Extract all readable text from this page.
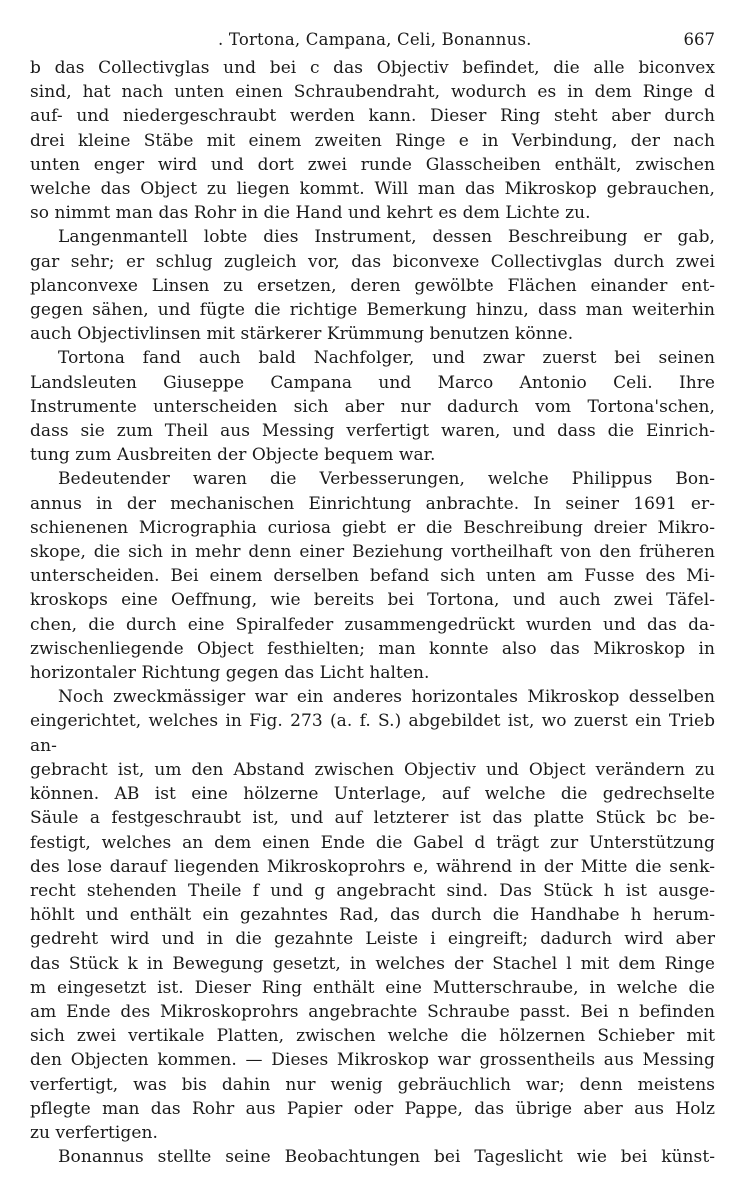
. Tortona, Campana, Celi, Bonannus.	667

b das Collectivglas und bei c das Objectiv befindet, die alle biconvex

sind, hat nach unten einen Schraubendraht, wodurch es in dem Ringe d

auf- und niedergeschraubt werden kann. Dieser Ring steht aber durch

drei kleine Stäbe mit einem zweiten Ringe e in Verbindung, der nach

unten enger wird und dort zwei runde Glasscheiben enthält, zwischen

welche das Object zu liegen kommt. Will man das Mikroskop gebrauchen,

so nimmt man das Rohr in die Hand und kehrt es dem Lichte zu.

Langenmantell lobte dies Instrument, dessen Beschreibung er gab,

gar sehr; er schlug zugleich vor, das biconvexe Collectivglas durch zwei

planconvexe Linsen zu ersetzen, deren gewölbte Flächen einander ent-

gegen sähen, und fügte die richtige Bemerkung hinzu, dass man weiterhin

auch Objectivlinsen mit stärkerer Krümmung benutzen könne.

Tortona fand auch bald Nachfolger, und zwar zuerst bei seinen

Landsleuten Giuseppe Campana und Marco Antonio Celi. Ihre

Instrumente unterscheiden sich aber nur dadurch vom Tortona'schen,

dass sie zum Theil aus Messing verfertigt waren, und dass die Einrich-

tung zum Ausbreiten der Objecte bequem war.

Bedeutender waren die Verbesserungen, welche Philippus Bon-

annus in der mechanischen Einrichtung anbrachte. In seiner 1691 er-

schienenen Micrographia curiosa giebt er die Beschreibung dreier Mikro-

skope, die sich in mehr denn einer Beziehung vortheilhaft von den früheren

unterscheiden. Bei einem derselben befand sich unten am Fusse des Mi-

kroskops eine Oeffnung, wie bereits bei Tortona, und auch zwei Täfel-

chen, die durch eine Spiralfeder zusammengedrückt wurden und das da-

zwischenliegende Object festhielten; man konnte also das Mikroskop in

horizontaler Richtung gegen das Licht halten.

Noch zweckmässiger war ein anderes horizontales Mikroskop desselben

eingerichtet, welches in Fig. 273 (a. f. S.) abgebildet ist, wo zuerst ein Trieb an-

gebracht ist, um den Abstand zwischen Objectiv und Object verändern zu

können. AB ist eine hölzerne Unterlage, auf welche die gedrechselte

Säule a festgeschraubt ist, und auf letzterer ist das platte Stück bc be-

festigt, welches an dem einen Ende die Gabel d trägt zur Unterstützung

des lose darauf liegenden Mikroskoprohrs e, während in der Mitte die senk-

recht stehenden Theile f und g angebracht sind. Das Stück h ist ausge-

höhlt und enthält ein gezahntes Rad, das durch die Handhabe h herum-

gedreht wird und in die gezahnte Leiste i eingreift; dadurch wird aber

das Stück k in Bewegung gesetzt, in welches der Stachel l mit dem Ringe

m eingesetzt ist. Dieser Ring enthält eine Mutterschraube, in welche die

am Ende des Mikroskoprohrs angebrachte Schraube passt. Bei n befinden

sich zwei vertikale Platten, zwischen welche die hölzernen Schieber mit

den Objecten kommen. — Dieses Mikroskop war grossentheils aus Messing

verfertigt, was bis dahin nur wenig gebräuchlich war; denn meistens

pflegte man das Rohr aus Papier oder Pappe, das übrige aber aus Holz

zu verfertigen.

Bonannus stellte seine Beobachtungen bei Tageslicht wie bei künst-
